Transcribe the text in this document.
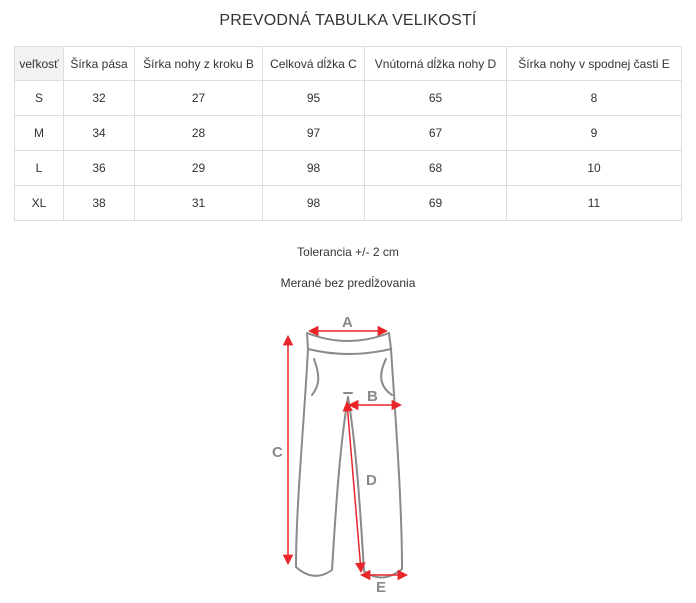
PREVODNÁ TABULKA VELIKOSTÍ
veľkosť	Šírka pása	Šírka nohy z kroku B	Celková dĺžka C	Vnútorná dĺžka nohy D	Šírka nohy v spodnej časti E
S	32	27	95	65	8
M	34	28	97	67	9
L	36	29	98	68	10
XL	38	31	98	69	11
Tolerancia +/- 2 cm
Merané bez predĺžovania
A
B
C
D
E
